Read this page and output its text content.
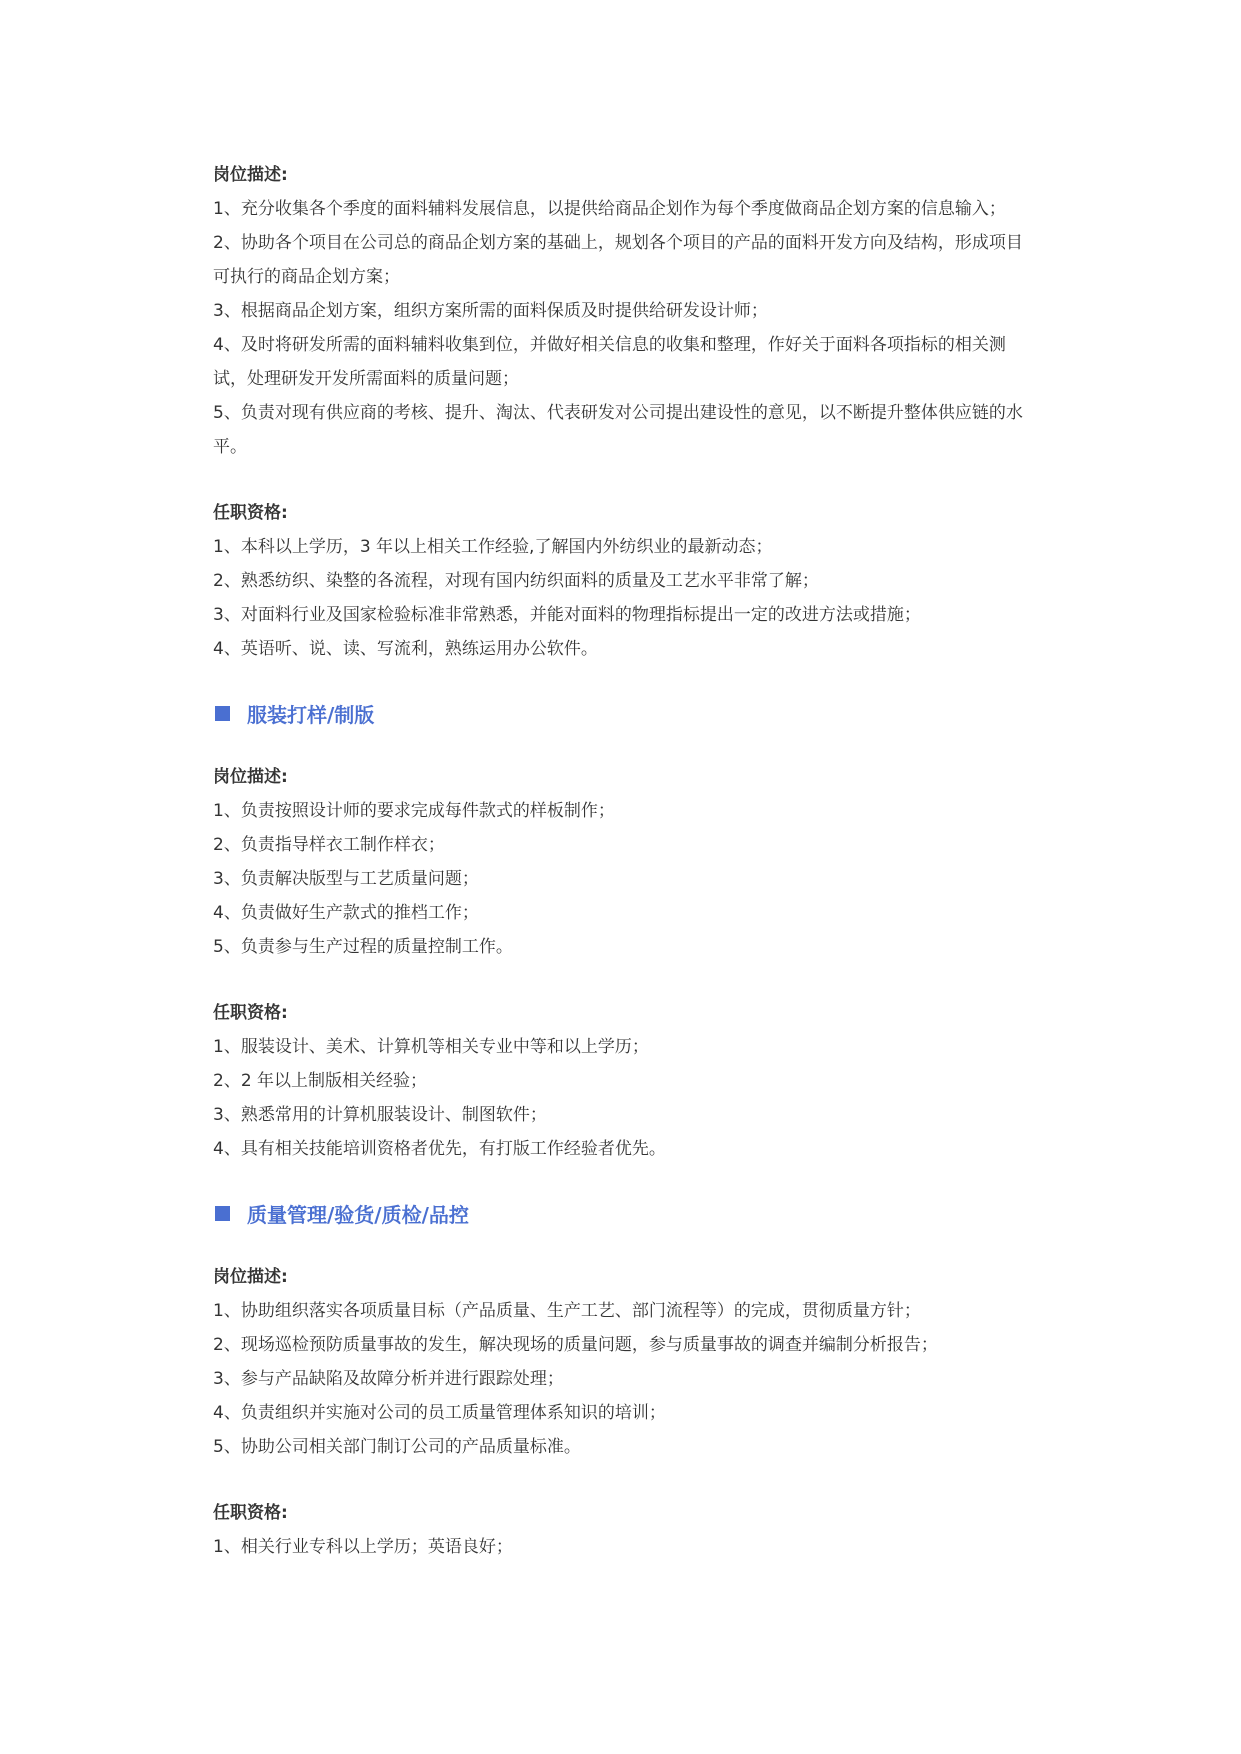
岗位描述:

1、充分收集各个季度的面料辅料发展信息，以提供给商品企划作为每个季度做商品企划方案的信息输入；

2、协助各个项目在公司总的商品企划方案的基础上，规划各个项目的产品的面料开发方向及结构，形成项目可执行的商品企划方案；

3、根据商品企划方案，组织方案所需的面料保质及时提供给研发设计师；

4、及时将研发所需的面料辅料收集到位，并做好相关信息的收集和整理，作好关于面料各项指标的相关测试，处理研发开发所需面料的质量问题；

5、负责对现有供应商的考核、提升、淘汰、代表研发对公司提出建设性的意见，以不断提升整体供应链的水平。

任职资格:

1、本科以上学历，3 年以上相关工作经验,了解国内外纺织业的最新动态；

2、熟悉纺织、染整的各流程，对现有国内纺织面料的质量及工艺水平非常了解；

3、对面料行业及国家检验标准非常熟悉，并能对面料的物理指标提出一定的改进方法或措施；

4、英语听、说、读、写流利，熟练运用办公软件。

服装打样/制版

岗位描述:

1、负责按照设计师的要求完成每件款式的样板制作；

2、负责指导样衣工制作样衣；

3、负责解决版型与工艺质量问题；

4、负责做好生产款式的推档工作；

5、负责参与生产过程的质量控制工作。

任职资格:

1、服装设计、美术、计算机等相关专业中等和以上学历；

2、2 年以上制版相关经验；

3、熟悉常用的计算机服装设计、制图软件；

4、具有相关技能培训资格者优先，有打版工作经验者优先。

质量管理/验货/质检/品控

岗位描述:

1、协助组织落实各项质量目标（产品质量、生产工艺、部门流程等）的完成，贯彻质量方针；

2、现场巡检预防质量事故的发生，解决现场的质量问题，参与质量事故的调查并编制分析报告；

3、参与产品缺陷及故障分析并进行跟踪处理；

4、负责组织并实施对公司的员工质量管理体系知识的培训；

5、协助公司相关部门制订公司的产品质量标准。

任职资格:

1、相关行业专科以上学历；英语良好；
